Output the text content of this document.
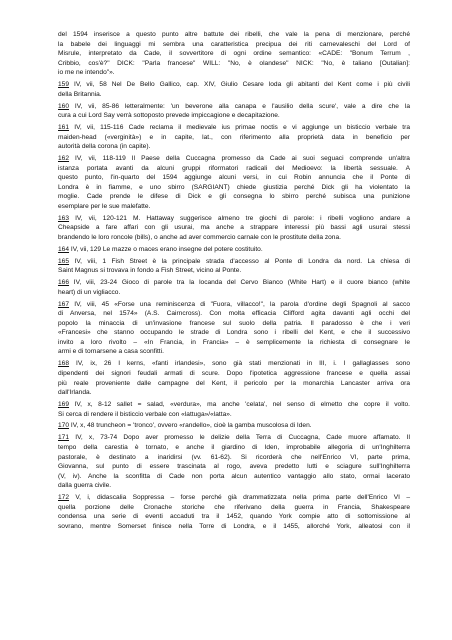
del 1594 inserisce a questo punto altre battute dei ribelli, che vale la pena di menzionare, perché
la babele dei linguaggi mi sembra una caratteristica precipua dei riti carnevaleschi del Lord of
Misrule, interpretato da Cade, il sovvertitore di ogni ordine semantico: «CADE: "Bonum Terrum ,
Cribbio, cos'è?" DICK: "Parla francese" WILL: "No, è olandese" NICK: "No, è taliano [Outalian]:
io me ne intendo"».
159 IV, vii, 58 Nel De Bello Gallico, cap. XIV, Giulio Cesare loda gli abitanti del Kent come i più civili
della Britannia.
160 IV, vii, 85-86 letteralmente: 'un beverone alla canapa e l'ausilio della scure', vale a dire che la
cura a cui Lord Say verrà sottoposto prevede impiccagione e decapitazione.
161 IV, vii, 115-116 Cade reclama il medievale ius primae noctis e vi aggiunge un bisticcio verbale tra
maiden-head («verginità») e in capite, lat., con riferimento alla proprietà data in beneficio per
autorità della corona (in capite).
162 IV, vii, 118-119 Il Paese della Cuccagna promesso da Cade ai suoi seguaci comprende un'altra
istanza portata avanti da alcuni gruppi riformatori radicali del Medioevo: la libertà sessuale. A
questo punto, l'in-quarto del 1594 aggiunge alcuni versi, in cui Robin annuncia che il Ponte di
Londra è in fiamme, e uno sbirro (SARGIANT) chiede giustizia perché Dick gli ha violentato la
moglie. Cade prende le difese di Dick e gli consegna lo sbirro perché subisca una punizione
esemplare per le sue malefatte.
163 IV, vii, 120-121 M. Hattaway suggerisce almeno tre giochi di parole: i ribelli vogliono andare a
Cheapside a fare affari con gli usurai, ma anche a strappare interessi più bassi agli usurai stessi
brandendo le loro roncole (bills), o anche ad aver commercio carnale con le prostitute della zona.
164 IV, vii, 129 Le mazze o maces erano insegne del potere costituito.
165 IV, viii, 1 Fish Street è la principale strada d'accesso al Ponte di Londra da nord. La chiesa di
Saint Magnus si trovava in fondo a Fish Street, vicino al Ponte.
166 IV, viii, 23-24 Gioco di parole tra la locanda del Cervo Bianco (White Hart) e il cuore bianco (white
heart) di un vigliacco.
167 IV, viii, 45 «Forse una reminiscenza di "Fuora, villacco!", la parola d'ordine degli Spagnoli al sacco
di Anversa, nel 1574» (A.S. Cairncross). Con molta efficacia Clifford agita davanti agli occhi del
popolo la minaccia di un'invasione francese sul suolo della patria. Il paradosso è che i veri
«Francesi» che stanno occupando le strade di Londra sono i ribelli del Kent, e che il successivo
invito a loro rivolto – «In Francia, in Francia» – è semplicemente la richiesta di consegnare le
armi e di tornarsene a casa sconfitti.
168 IV, ix, 26 I kerns, «fanti irlandesi», sono già stati menzionati in III, i. I gallaglasses sono
dipendenti dei signori feudali armati di scure. Dopo l'ipotetica aggressione francese e quella assai
più reale proveniente dalle campagne del Kent, il pericolo per la monarchia Lancaster arriva ora
dall'Irlanda.
169 IV, x, 8-12 sallet = salad, «verdura», ma anche 'celata', nel senso di elmetto che copre il volto.
Si cerca di rendere il bisticcio verbale con «lattuga»/«latta».
170 IV, x, 48 truncheon = 'tronco', ovvero «randello», cioè la gamba muscolosa di Iden.
171 IV, x, 73-74 Dopo aver promesso le delizie della Terra di Cuccagna, Cade muore affamato. Il
tempo della carestia è tornato, e anche il giardino di Iden, improbabile allegoria di un'Inghilterra
pastorale, è destinato a inaridirsi (vv. 61-62). Si ricorderà che nell'Enrico VI, parte prima,
Giovanna, sul punto di essere trascinata al rogo, aveva predetto lutti e sciagure sull'Inghilterra
(V, iv). Anche la sconfitta di Cade non porta alcun autentico vantaggio allo stato, ormai lacerato
dalla guerra civile.
172 V, i, didascalia Soppressa – forse perché già drammatizzata nella prima parte dell'Enrico VI –
quella porzione delle Cronache storiche che riferivano della guerra in Francia, Shakespeare
condensa una serie di eventi accaduti tra il 1452, quando York compie atto di sottomissione al
sovrano, mentre Somerset finisce nella Torre di Londra, e il 1455, allorché York, alleatosi con il
